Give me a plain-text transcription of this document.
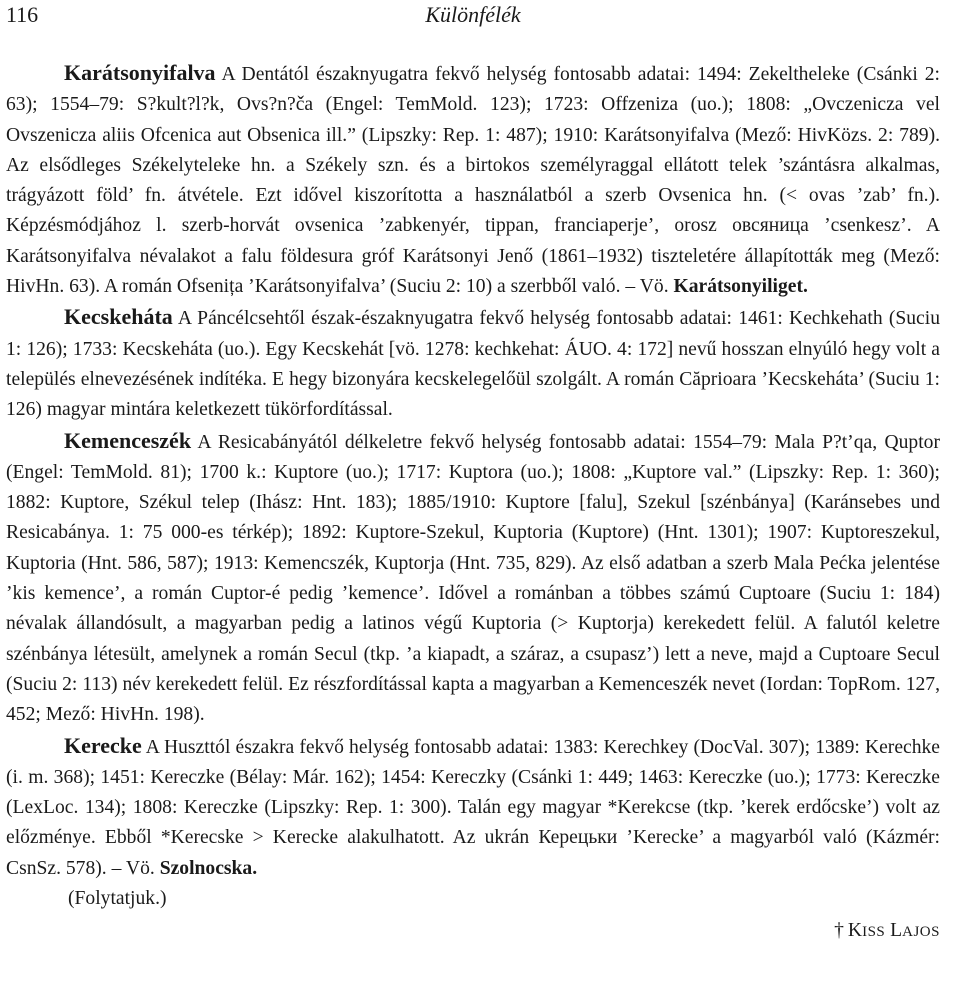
116	Különfélék

Karátsonyifalva A Dentától északnyugatra fekvő helység fontosabb adatai: 1494: Zekeltheleke (Csánki 2: 63); 1554–79: S?kult?l?k, Ovs?n?ča (Engel: TemMold. 123); 1723: Offzeniza (uo.); 1808: „Ovczenicza vel Ovszenicza aliis Ofcenica aut Obsenica ill.” (Lipszky: Rep. 1: 487); 1910: Karátsonyifalva (Mező: HivKözs. 2: 789). Az elsődleges Székelyteleke hn. a Székely szn. és a birtokos személyraggal ellátott telek ’szántásra alkalmas, trágyázott föld’ fn. átvétele. Ezt idővel kiszorította a használatból a szerb Ovsenica hn. (< ovas ’zab’ fn.). Képzésmódjához l. szerb-horvát ovsenica ’zabkenyér, tippan, franciaperje’, orosz овсяница ’csenkesz’. A Karátsonyifalva névalakot a falu földesura gróf Karátsonyi Jenő (1861–1932) tiszteletére állapították meg (Mező: HivHn. 63). A román Ofsenița ’Karátsonyifalva’ (Suciu 2: 10) a szerbből való. – Vö. Karátsonyiliget.

Kecskeháta A Páncélcsehtől észak-északnyugatra fekvő helység fontosabb adatai: 1461: Kechkehath (Suciu 1: 126); 1733: Kecskeháta (uo.). Egy Kecskehát [vö. 1278: kechkehat: ÁUO. 4: 172] nevű hosszan elnyúló hegy volt a település elnevezésének indítéka. E hegy bizonyára kecskelegelőül szolgált. A román Căprioara ’Kecskeháta’ (Suciu 1: 126) magyar mintára keletkezett tükörfordítással.

Kemenceszék A Resicabányától délkeletre fekvő helység fontosabb adatai: 1554–79: Mala P?t’qa, Quptor (Engel: TemMold. 81); 1700 k.: Kuptore (uo.); 1717: Kuptora (uo.); 1808: „Kuptore val.” (Lipszky: Rep. 1: 360); 1882: Kuptore, Székul telep (Ihász: Hnt. 183); 1885/1910: Kuptore [falu], Szekul [szénbánya] (Karánsebes und Resicabánya. 1: 75 000-es térkép); 1892: Kuptore-Szekul, Kuptoria (Kuptore) (Hnt. 1301); 1907: Kuptoreszekul, Kuptoria (Hnt. 586, 587); 1913: Kemencszék, Kuptorja (Hnt. 735, 829). Az első adatban a szerb Mala Pećka jelentése ’kis kemence’, a román Cuptor-é pedig ’kemence’. Idővel a románban a többes számú Cuptoare (Suciu 1: 184) névalak állandósult, a magyarban pedig a latinos végű Kuptoria (> Kuptorja) kerekedett felül. A falutól keletre szénbánya létesült, amelynek a román Secul (tkp. ’a kiapadt, a száraz, a csupasz’) lett a neve, majd a Cuptoare Secul (Suciu 2: 113) név kerekedett felül. Ez részfordítással kapta a magyarban a Kemenceszék nevet (Iordan: TopRom. 127, 452; Mező: HivHn. 198).

Kerecke A Huszttól északra fekvő helység fontosabb adatai: 1383: Kerechkey (DocVal. 307); 1389: Kerechke (i. m. 368); 1451: Kereczke (Bélay: Már. 162); 1454: Kereczky (Csánki 1: 449; 1463: Kereczke (uo.); 1773: Kereczke (LexLoc. 134); 1808: Kereczke (Lipszky: Rep. 1: 300). Talán egy magyar *Kerekcse (tkp. ’kerek erdőcske’) volt az előzménye. Ebből *Kerecske > Kerecke alakulhatott. Az ukrán Керецьки ’Kerecke’ a magyarból való (Kázmér: CsnSz. 578). – Vö. Szolnocska.

(Folytatjuk.)

† KISS LAJOS
